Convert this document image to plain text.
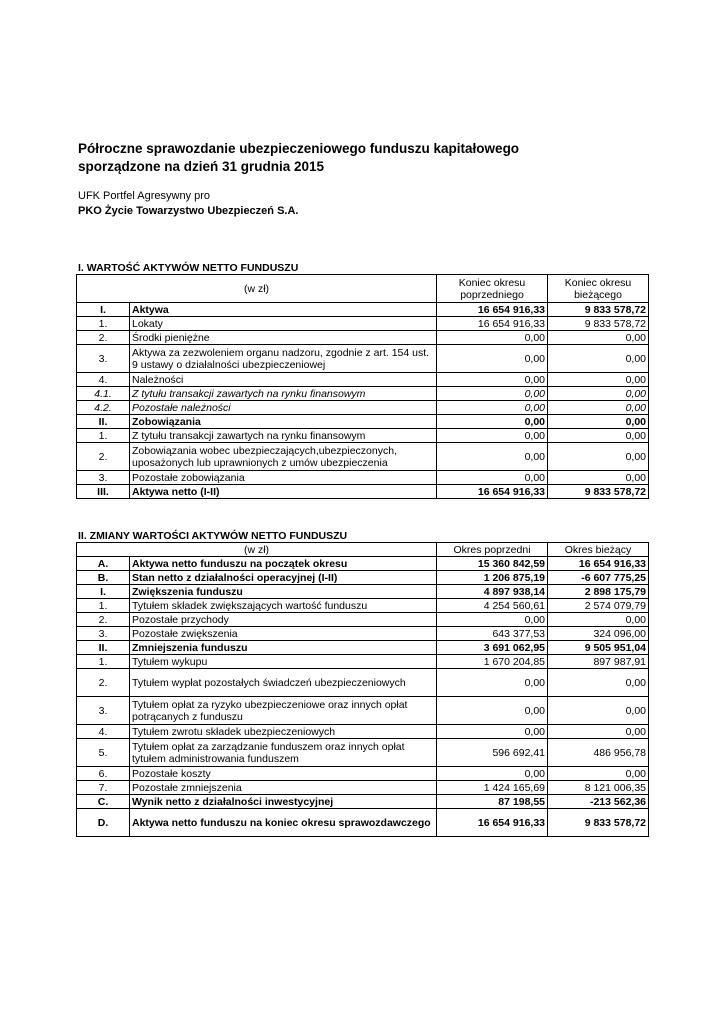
Półroczne sprawozdanie ubezpieczeniowego funduszu kapitałowego
sporządzone na dzień 31 grudnia 2015
UFK Portfel Agresywny pro
PKO Życie Towarzystwo Ubezpieczeń S.A.
I. WARTOŚĆ AKTYWÓW NETTO FUNDUSZU
(w zł)		Koniec okresu poprzedniego	Koniec okresu bieżącego
I.	Aktywa	16 654 916,33	9 833 578,72
1.	Lokaty	16 654 916,33	9 833 578,72
2.	Środki pieniężne	0,00	0,00
3.	Aktywa za zezwoleniem organu nadzoru, zgodnie z art. 154 ust. 9 ustawy o działalności ubezpieczeniowej	0,00	0,00
4.	Należności	0,00	0,00
4.1.	Z tytułu transakcji zawartych na rynku finansowym	0,00	0,00
4.2.	Pozostałe należności	0,00	0,00
II.	Zobowiązania	0,00	0,00
1.	Z tytułu transakcji zawartych na rynku finansowym	0,00	0,00
2.	Zobowiązania wobec ubezpieczających,ubezpieczonych, uposażonych lub uprawnionych z umów ubezpieczenia	0,00	0,00
3.	Pozostałe zobowiązania	0,00	0,00
III.	Aktywa netto (I-II)	16 654 916,33	9 833 578,72
II. ZMIANY WARTOŚCI AKTYWÓW NETTO FUNDUSZU
(w zł)		Okres poprzedni	Okres bieżący
A.	Aktywa netto funduszu na początek okresu	15 360 842,59	16 654 916,33
B.	Stan netto z działalności operacyjnej (I-II)	1 206 875,19	-6 607 775,25
I.	Zwiększenia funduszu	4 897 938,14	2 898 175,79
1.	Tytułem składek zwiększających wartość funduszu	4 254 560,61	2 574 079,79
2.	Pozostałe przychody	0,00	0,00
3.	Pozostałe zwiększenia	643 377,53	324 096,00
II.	Zmniejszenia funduszu	3 691 062,95	9 505 951,04
1.	Tytułem wykupu	1 670 204,85	897 987,91
2.	Tytułem wypłat pozostałych świadczeń ubezpieczeniowych	0,00	0,00
3.	Tytułem opłat za ryzyko ubezpieczeniowe oraz innych opłat potrącanych z funduszu	0,00	0,00
4.	Tytułem zwrotu składek ubezpieczeniowych	0,00	0,00
5.	Tytułem opłat za zarządzanie funduszem oraz innych opłat tytułem administrowania funduszem	596 692,41	486 956,78
6.	Pozostałe koszty	0,00	0,00
7.	Pozostałe zmniejszenia	1 424 165,69	8 121 006,35
C.	Wynik netto z działalności inwestycyjnej	87 198,55	-213 562,36
D.	Aktywa netto funduszu na koniec okresu sprawozdawczego	16 654 916,33	9 833 578,72
